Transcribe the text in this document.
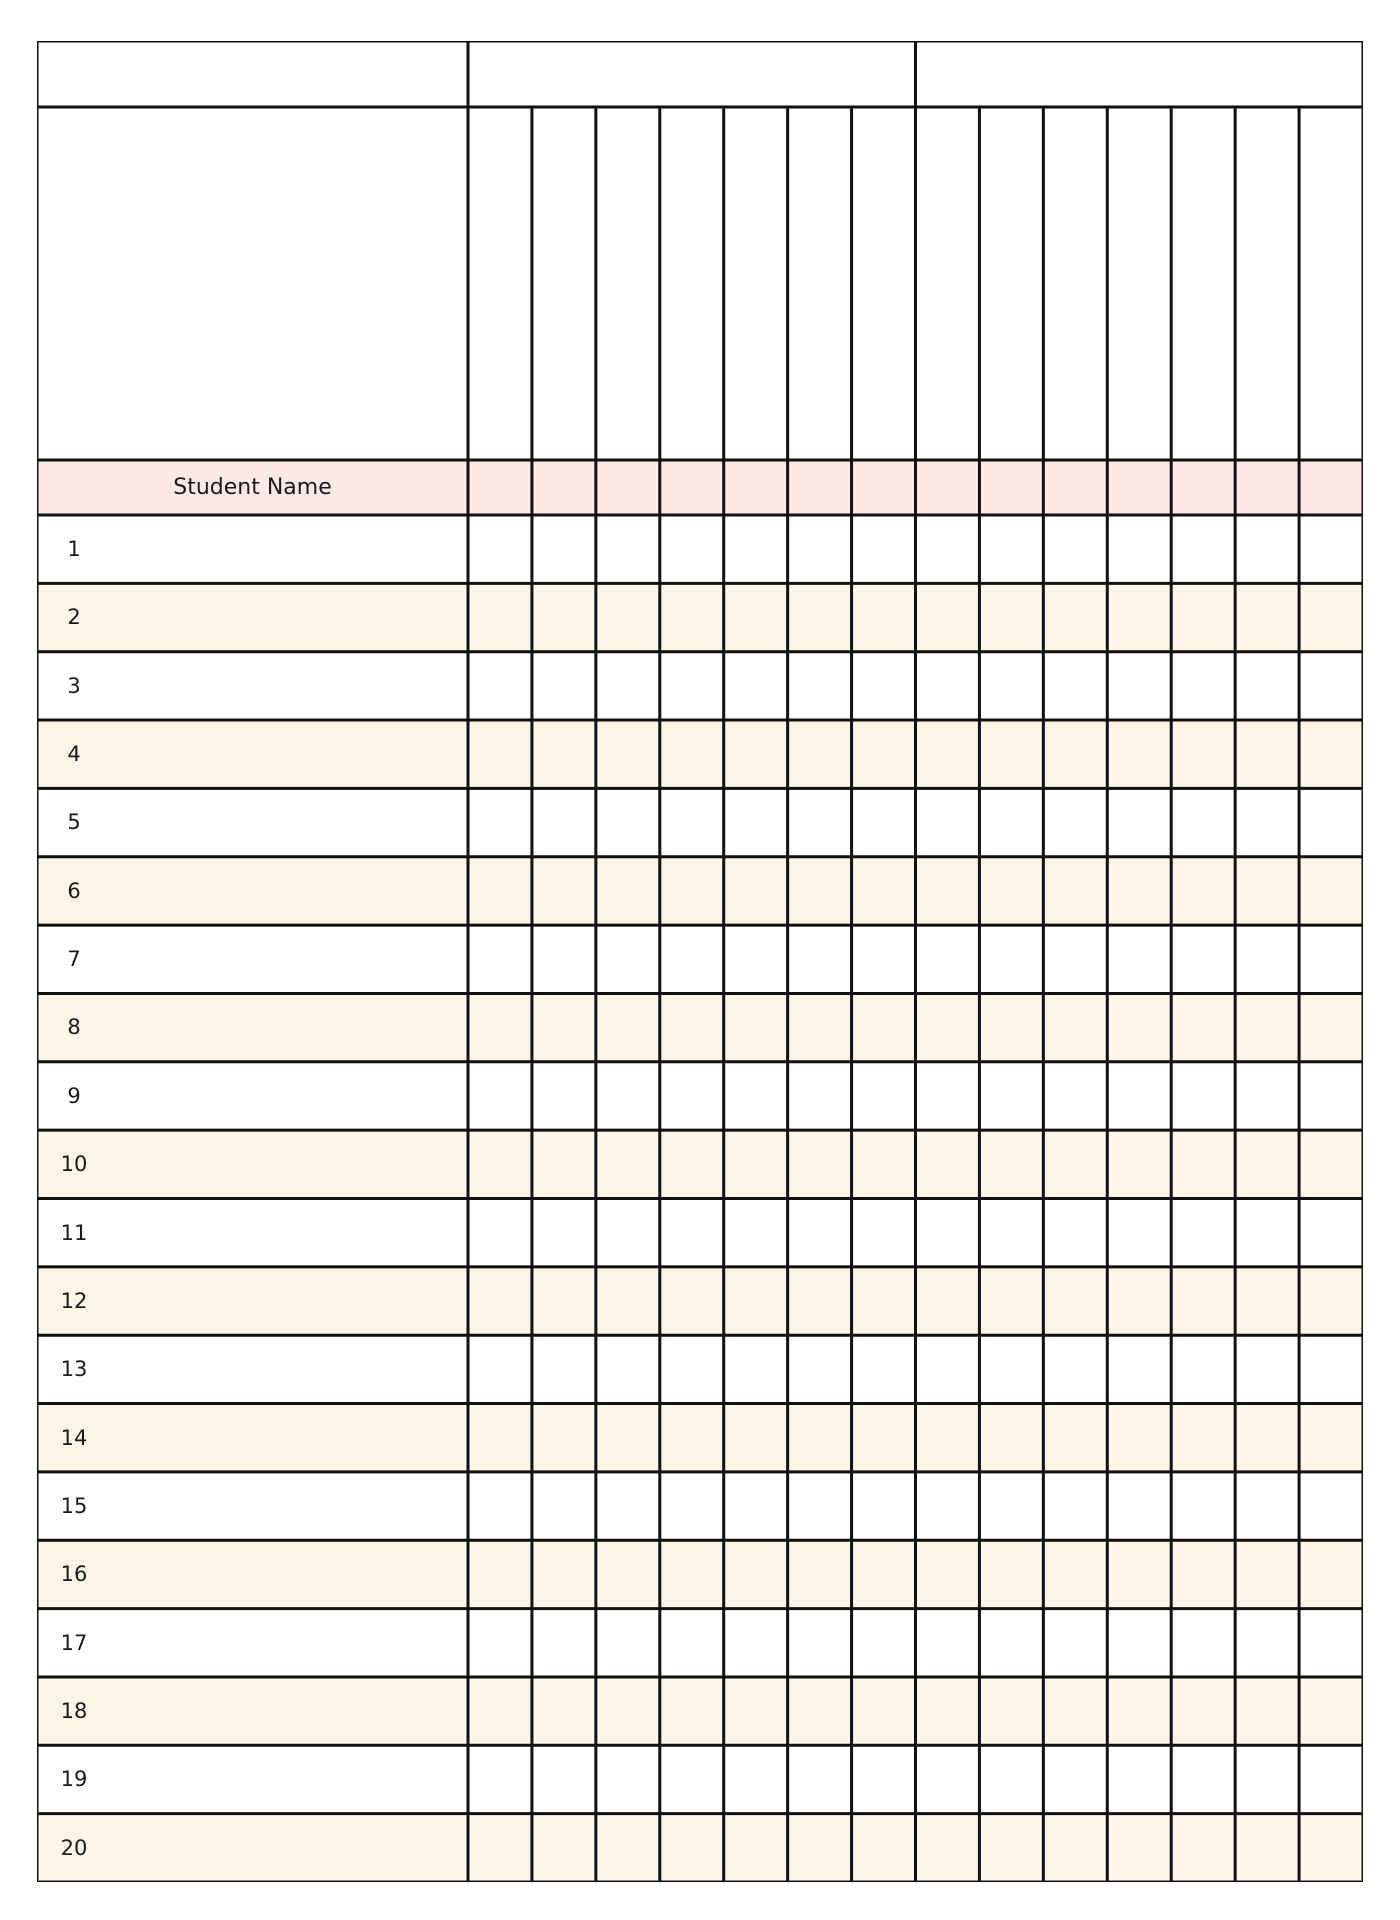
Student Name
1
2
3
4
5
6
7
8
9
10
11
12
13
14
15
16
17
18
19
20
